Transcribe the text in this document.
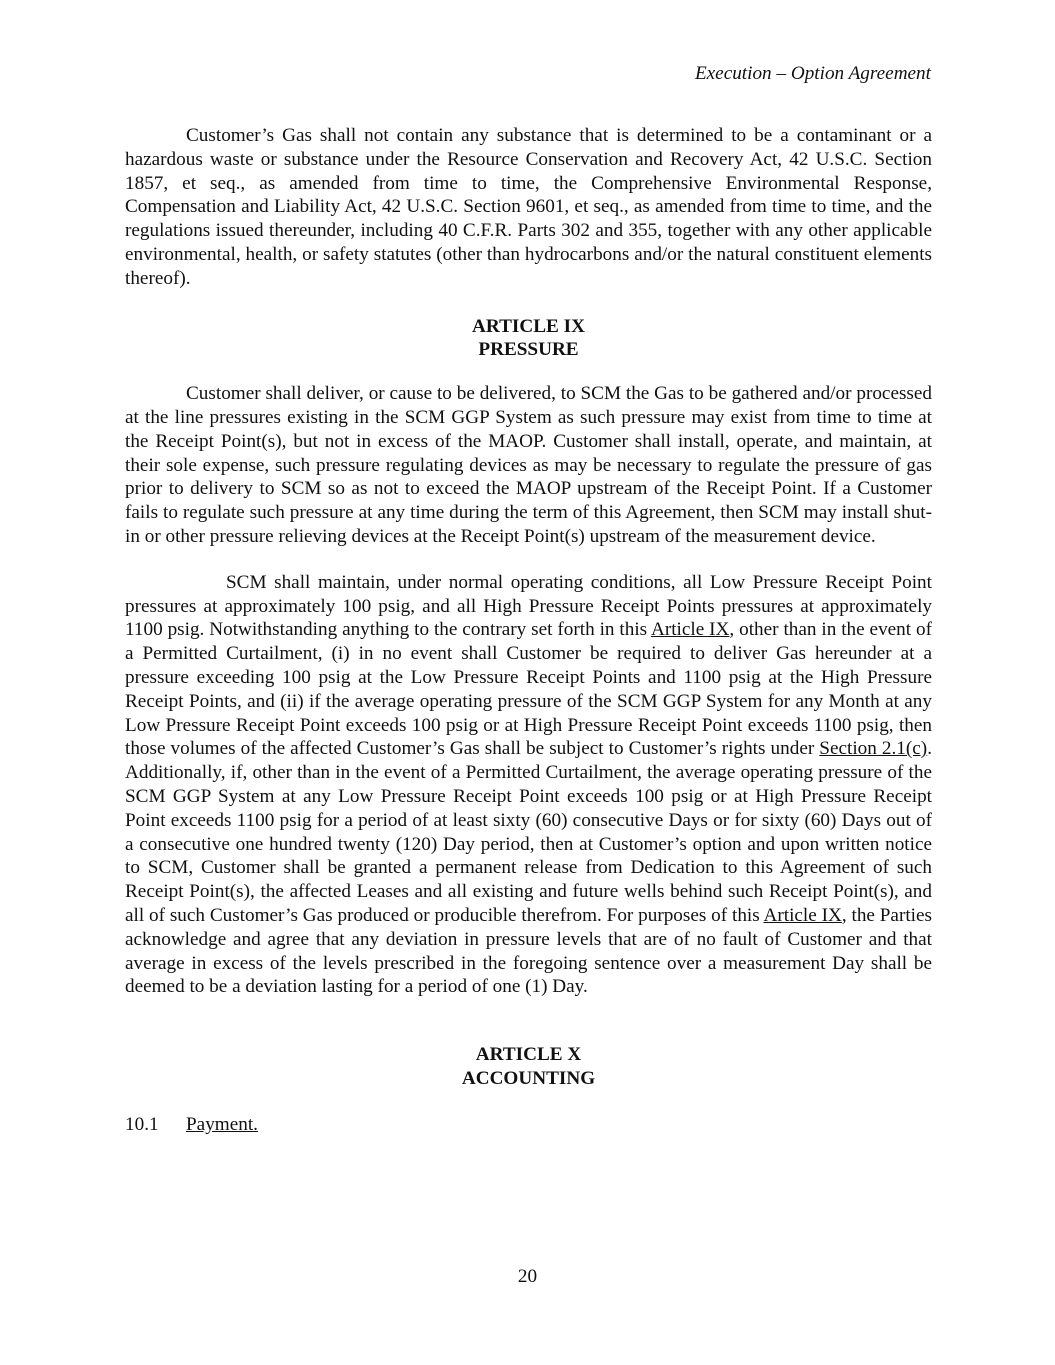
Execution – Option Agreement

Customer’s Gas shall not contain any substance that is determined to be a contaminant or a hazardous waste or substance under the Resource Conservation and Recovery Act, 42 U.S.C. Section 1857, et seq., as amended from time to time, the Comprehensive Environmental Response, Compensation and Liability Act, 42 U.S.C. Section 9601, et seq., as amended from time to time, and the regulations issued thereunder, including 40 C.F.R. Parts 302 and 355, together with any other applicable environmental, health, or safety statutes (other than hydrocarbons and/or the natural constituent elements thereof).

ARTICLE IX

PRESSURE

Customer shall deliver, or cause to be delivered, to SCM the Gas to be gathered and/or processed at the line pressures existing in the SCM GGP System as such pressure may exist from time to time at the Receipt Point(s), but not in excess of the MAOP. Customer shall install, operate, and maintain, at their sole expense, such pressure regulating devices as may be necessary to regulate the pressure of gas prior to delivery to SCM so as not to exceed the MAOP upstream of the Receipt Point. If a Customer fails to regulate such pressure at any time during the term of this Agreement, then SCM may install shut-in or other pressure relieving devices at the Receipt Point(s) upstream of the measurement device.

SCM shall maintain, under normal operating conditions, all Low Pressure Receipt Point pressures at approximately 100 psig, and all High Pressure Receipt Points pressures at approximately 1100 psig. Notwithstanding anything to the contrary set forth in this Article IX, other than in the event of a Permitted Curtailment, (i) in no event shall Customer be required to deliver Gas hereunder at a pressure exceeding 100 psig at the Low Pressure Receipt Points and 1100 psig at the High Pressure Receipt Points, and (ii) if the average operating pressure of the SCM GGP System for any Month at any Low Pressure Receipt Point exceeds 100 psig or at High Pressure Receipt Point exceeds 1100 psig, then those volumes of the affected Customer’s Gas shall be subject to Customer’s rights under Section 2.1(c). Additionally, if, other than in the event of a Permitted Curtailment, the average operating pressure of the SCM GGP System at any Low Pressure Receipt Point exceeds 100 psig or at High Pressure Receipt Point exceeds 1100 psig for a period of at least sixty (60) consecutive Days or for sixty (60) Days out of a consecutive one hundred twenty (120) Day period, then at Customer’s option and upon written notice to SCM, Customer shall be granted a permanent release from Dedication to this Agreement of such Receipt Point(s), the affected Leases and all existing and future wells behind such Receipt Point(s), and all of such Customer’s Gas produced or producible therefrom. For purposes of this Article IX, the Parties acknowledge and agree that any deviation in pressure levels that are of no fault of Customer and that average in excess of the levels prescribed in the foregoing sentence over a measurement Day shall be deemed to be a deviation lasting for a period of one (1) Day.

ARTICLE X

ACCOUNTING

10.1 Payment.

20
